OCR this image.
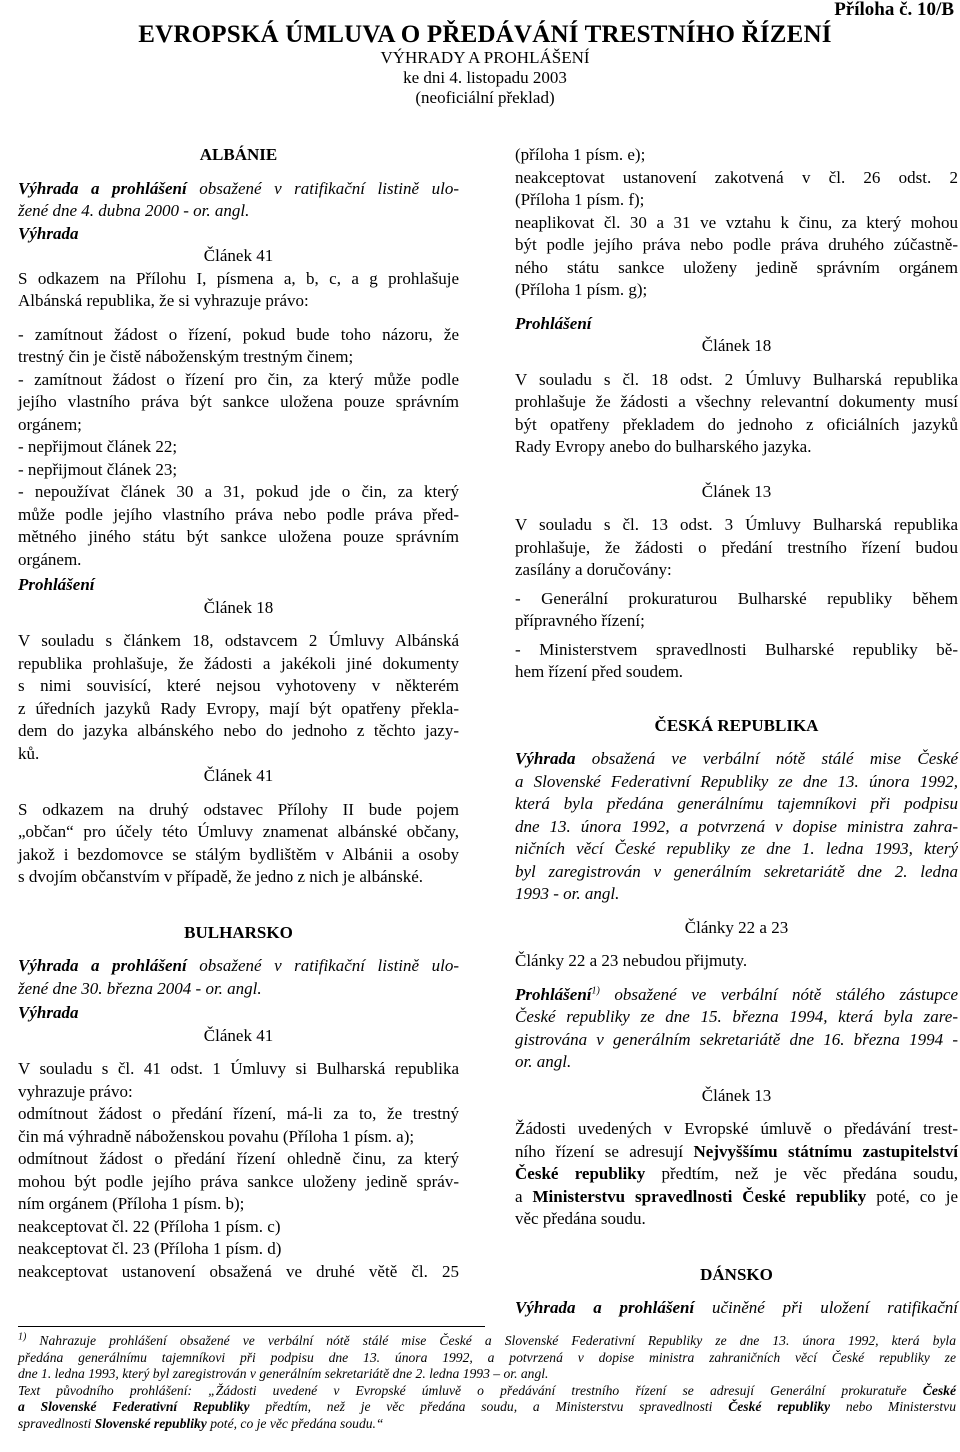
Příloha č. 10/B
EVROPSKÁ ÚMLUVA O PŘEDÁVÁNÍ TRESTNÍHO ŘÍZENÍ
VÝHRADY A PROHLÁŠENÍ
ke dni 4. listopadu 2003
(neoficiální překlad)

ALBÁNIE

Výhrada a prohlášení obsažené v ratifikační listině ulo-

žené dne 4. dubna 2000 - or. angl.

Výhrada

Článek 41

S odkazem na Přílohu I, písmena a, b, c, a g prohlašuje

Albánská republika, že si vyhrazuje právo:

- zamítnout žádost o řízení, pokud bude toho názoru, že

trestný čin je čistě náboženským trestným činem;

- zamítnout žádost o řízení pro čin, za který může podle

jejího vlastního práva být sankce uložena pouze správním

orgánem;

- nepřijmout článek 22;

- nepřijmout článek 23;

- nepoužívat článek 30 a 31, pokud jde o čin, za který

může podle jejího vlastního práva nebo podle práva před-

mětného jiného státu být sankce uložena pouze správním

orgánem.

Prohlášení

Článek 18

V souladu s článkem 18, odstavcem 2 Úmluvy Albánská

republika prohlašuje, že žádosti a jakékoli jiné dokumenty

s nimi souvisící, které nejsou vyhotoveny v některém

z úředních jazyků Rady Evropy, mají být opatřeny překla-

dem do jazyka albánského nebo do jednoho z těchto jazy-

ků.

Článek 41

S odkazem na druhý odstavec Přílohy II bude pojem

„občan“ pro účely této Úmluvy znamenat albánské občany,

jakož i bezdomovce se stálým bydlištěm v Albánii a osoby

s dvojím občanstvím v případě, že jedno z nich je albánské.

BULHARSKO

Výhrada a prohlášení obsažené v ratifikační listině ulo-

žené dne 30. března 2004 - or. angl.

Výhrada

Článek 41

V souladu s čl. 41 odst. 1 Úmluvy si Bulharská republika

vyhrazuje právo:

odmítnout žádost o předání řízení, má-li za to, že trestný

čin má výhradně náboženskou povahu (Příloha 1 písm. a);

odmítnout žádost o předání řízení ohledně činu, za který

mohou být podle jejího práva sankce uloženy jedině správ-

ním orgánem (Příloha 1 písm. b);

neakceptovat čl. 22 (Příloha 1 písm. c)

neakceptovat čl. 23 (Příloha 1 písm. d)

neakceptovat ustanovení obsažená ve druhé větě čl. 25

(příloha 1 písm. e);

neakceptovat ustanovení zakotvená v čl. 26 odst. 2

(Příloha 1 písm. f);

neaplikovat čl. 30 a 31 ve vztahu k činu, za který mohou

být podle jejího práva nebo podle práva druhého zúčastně-

ného státu sankce uloženy jedině správním orgánem

(Příloha 1 písm. g);

Prohlášení

Článek 18

V souladu s čl. 18 odst. 2 Úmluvy Bulharská republika

prohlašuje že žádosti a všechny relevantní dokumenty musí

být opatřeny překladem do jednoho z oficiálních jazyků

Rady Evropy anebo do bulharského jazyka.

Článek 13

V souladu s čl. 13 odst. 3 Úmluvy Bulharská republika

prohlašuje, že žádosti o předání trestního řízení budou

zasílány a doručovány:

- Generální prokuraturou Bulharské republiky během

přípravného řízení;

- Ministerstvem spravedlnosti Bulharské republiky bě-

hem řízení před soudem.

ČESKÁ REPUBLIKA

Výhrada obsažená ve verbální nótě stálé mise České

a Slovenské Federativní Republiky ze dne 13. února 1992,

která byla předána generálnímu tajemníkovi při podpisu

dne 13. února 1992, a potvrzená v dopise ministra zahra-

ničních věcí České republiky ze dne 1. ledna 1993, který

byl zaregistrován v generálním sekretariátě dne 2. ledna

1993 - or. angl.

Články 22 a 23

Články 22 a 23 nebudou přijmuty.

Prohlášení$^{1)}$ obsažené ve verbální nótě stálého zástupce

České republiky ze dne 15. března 1994, která byla zare-

gistrována v generálním sekretariátě dne 16. března 1994 -

or. angl.

Článek 13

Žádosti uvedených v Evropské úmluvě o předávání trest-

ního řízení se adresují Nejvyššímu státnímu zastupitelství

České republiky předtím, než je věc předána soudu,

a Ministerstvu spravedlnosti České republiky poté, co je

věc předána soudu.

DÁNSKO

Výhrada a prohlášení učiněné při uložení ratifikační

$^{1)}$ Nahrazuje prohlášení obsažené ve verbální nótě stálé mise České a Slovenské Federativní Republiky ze dne 13. února 1992, která byla

předána generálnímu tajemníkovi při podpisu dne 13. února 1992, a potvrzená v dopise ministra zahraničních věcí České republiky ze

dne 1. ledna 1993, který byl zaregistrován v generálním sekretariátě dne 2. ledna 1993 – or. angl.

Text původního prohlášení: „Žádosti uvedené v Evropské úmluvě o předávání trestního řízení se adresují Generální prokuratuře České

a Slovenské Federativní Republiky předtím, než je věc předána soudu, a Ministerstvu spravedlnosti České republiky nebo Ministerstvu

spravedlnosti Slovenské republiky poté, co je věc předána soudu.“
